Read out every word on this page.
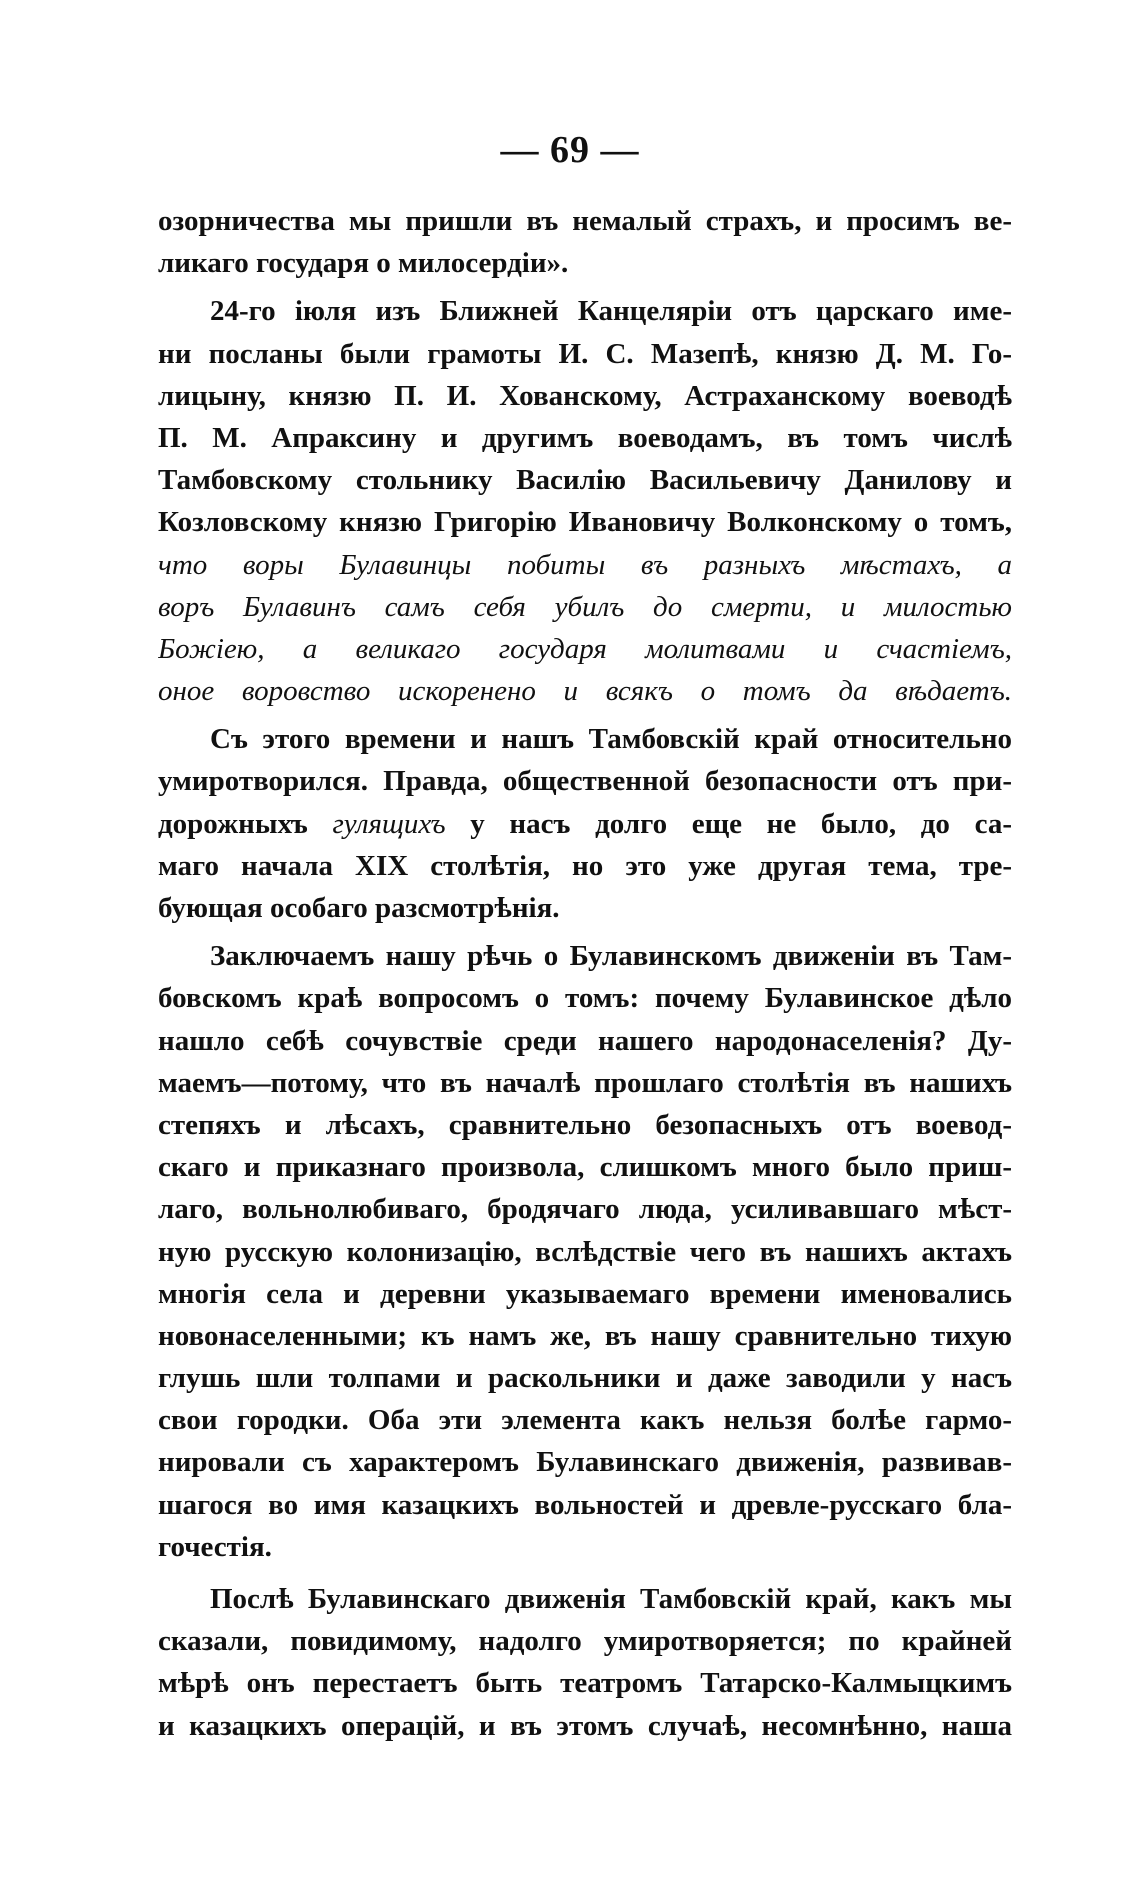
— 69 —
озорничества мы пришли въ немалый страхъ, и просимъ ве-
ликаго государя о милосердіи».
24-го іюля изъ Ближней Канцеляріи отъ царскаго име-
ни посланы были грамоты И. С. Мазепѣ, князю Д. М. Го-
лицыну, князю П. И. Хованскому, Астраханскому воеводѣ
П. М. Апраксину и другимъ воеводамъ, въ томъ числѣ
Тамбовскому стольнику Василію Васильевичу Данилову и
Козловскому князю Григорію Ивановичу Волконскому о томъ,
что воры Булавинцы побиты въ разныхъ мѣстахъ, а
воръ Булавинъ самъ себя убилъ до смерти, и милостью
Божіею, а великаго государя молитвами и счастіемъ,
оное воровство искоренено и всякъ о томъ да вѣдаетъ.
Съ этого времени и нашъ Тамбовскій край относительно
умиротворился. Правда, общественной безопасности отъ при-
дорожныхъ гулящихъ у насъ долго еще не было, до са-
маго начала XIX столѣтія, но это уже другая тема, тре-
бующая особаго разсмотрѣнія.
Заключаемъ нашу рѣчь о Булавинскомъ движеніи въ Там-
бовскомъ краѣ вопросомъ о томъ: почему Булавинское дѣло
нашло себѣ сочувствіе среди нашего народонаселенія? Ду-
маемъ—потому, что въ началѣ прошлаго столѣтія въ нашихъ
степяхъ и лѣсахъ, сравнительно безопасныхъ отъ воевод-
скаго и приказнаго произвола, слишкомъ много было приш-
лаго, вольнолюбиваго, бродячаго люда, усиливавшаго мѣст-
ную русскую колонизацію, вслѣдствіе чего въ нашихъ актахъ
многія села и деревни указываемаго времени именовались
новонаселенными; къ намъ же, въ нашу сравнительно тихую
глушь шли толпами и раскольники и даже заводили у насъ
свои городки. Оба эти элемента какъ нельзя болѣе гармо-
нировали съ характеромъ Булавинскаго движенія, развивав-
шагося во имя казацкихъ вольностей и древле-русскаго бла-
гочестія.
Послѣ Булавинскаго движенія Тамбовскій край, какъ мы
сказали, повидимому, надолго умиротворяется; по крайней
мѣрѣ онъ перестаетъ быть театромъ Татарско-Калмыцкимъ
и казацкихъ операцій, и въ этомъ случаѣ, несомнѣнно, наша
